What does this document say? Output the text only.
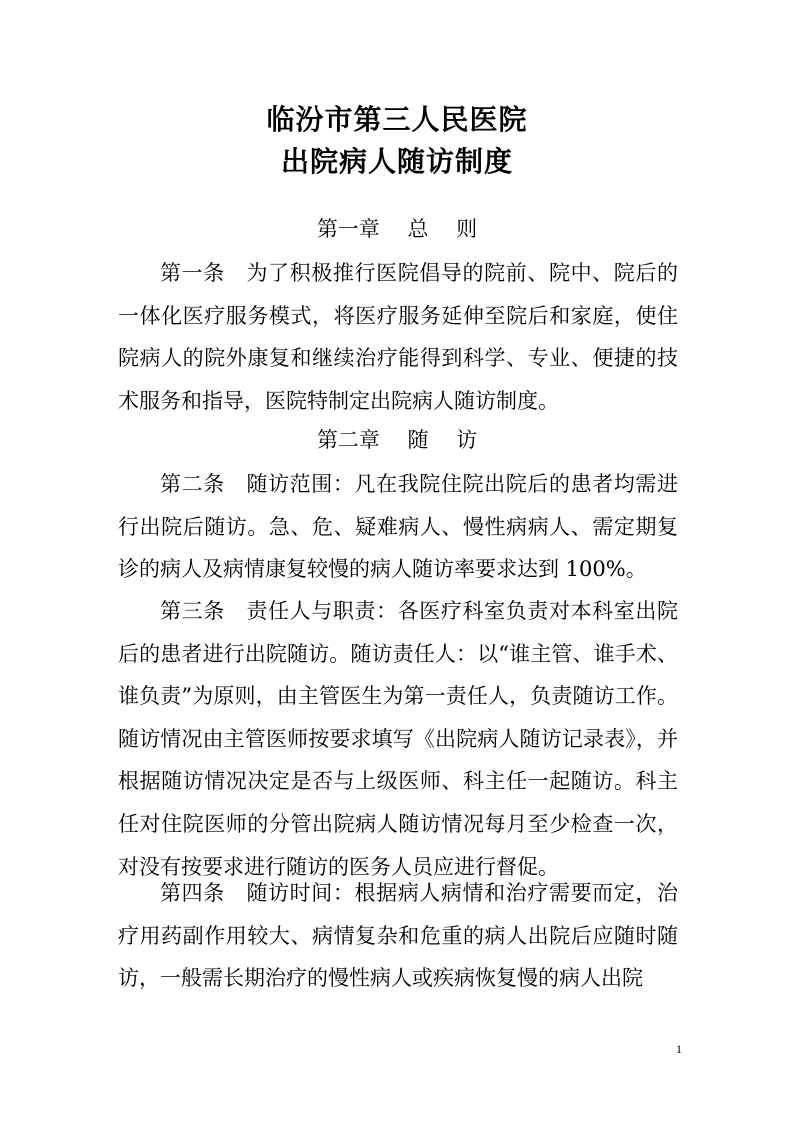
临汾市第三人民医院
出院病人随访制度
第一章　 总　 则
第一条　为了积极推行医院倡导的院前、院中、院后的一体化医疗服务模式，将医疗服务延伸至院后和家庭，使住院病人的院外康复和继续治疗能得到科学、专业、便捷的技术服务和指导，医院特制定出院病人随访制度。
第二章　 随　 访
第二条　随访范围：凡在我院住院出院后的患者均需进行出院后随访。急、危、疑难病人、慢性病病人、需定期复诊的病人及病情康复较慢的病人随访率要求达到 100%。
第三条　责任人与职责：各医疗科室负责对本科室出院后的患者进行出院随访。随访责任人：以“谁主管、谁手术、谁负责”为原则，由主管医生为第一责任人，负责随访工作。随访情况由主管医师按要求填写《出院病人随访记录表》，并根据随访情况决定是否与上级医师、科主任一起随访。科主任对住院医师的分管出院病人随访情况每月至少检查一次，对没有按要求进行随访的医务人员应进行督促。
第四条　随访时间：根据病人病情和治疗需要而定，治疗用药副作用较大、病情复杂和危重的病人出院后应随时随访，一般需长期治疗的慢性病人或疾病恢复慢的病人出院
1
